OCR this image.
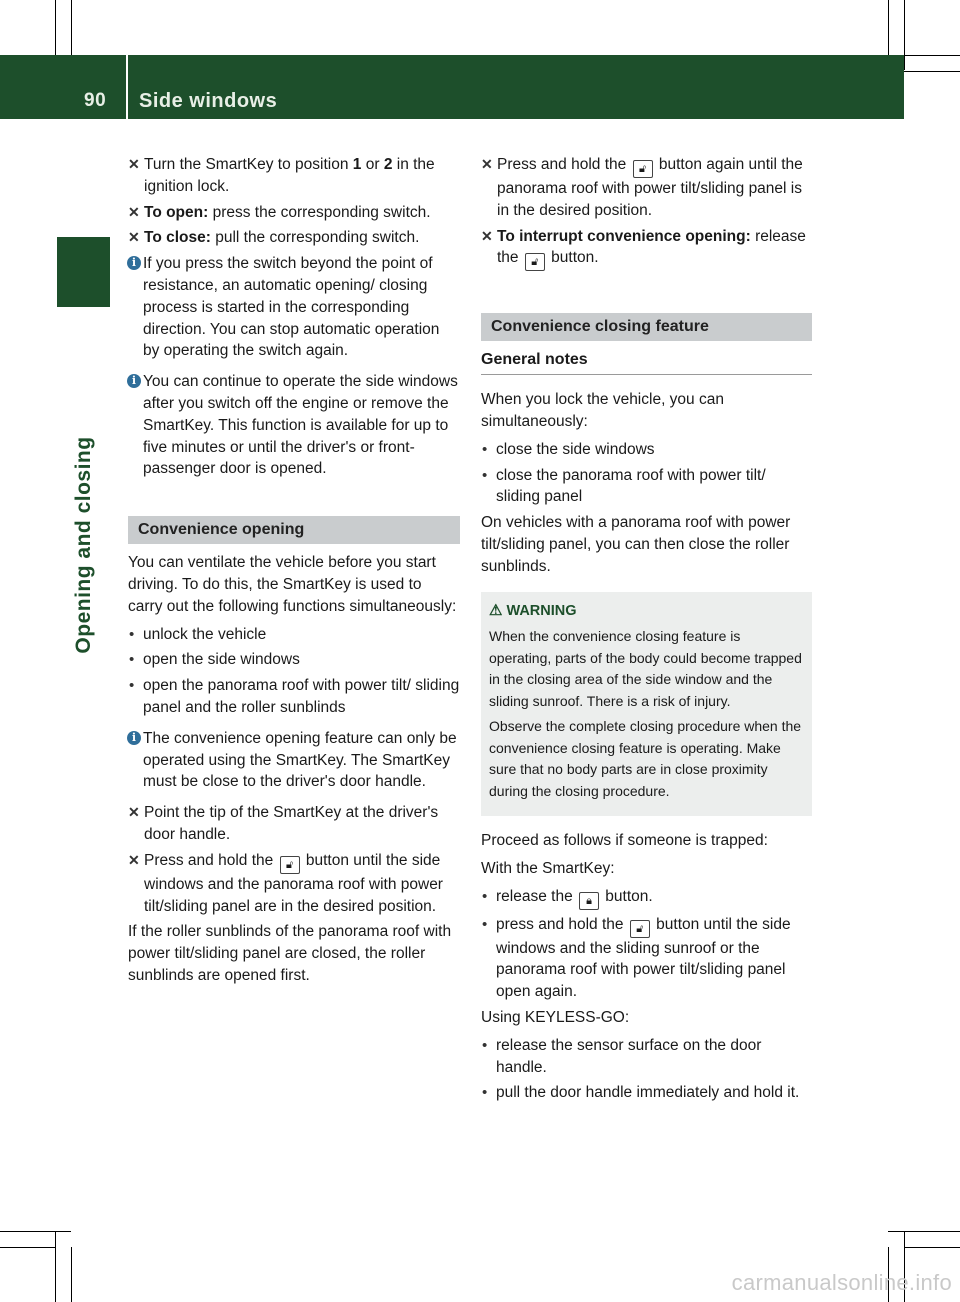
90 Side windows
Opening and closing
✕ Turn the SmartKey to position 1 or 2 in the ignition lock.
✕ To open: press the corresponding switch.
✕ To close: pull the corresponding switch.
i If you press the switch beyond the point of resistance, an automatic opening/ closing process is started in the corresponding direction. You can stop automatic operation by operating the switch again.
i You can continue to operate the side windows after you switch off the engine or remove the SmartKey. This function is available for up to five minutes or until the driver's or front-passenger door is opened.
Convenience opening

You can ventilate the vehicle before you start driving. To do this, the SmartKey is used to carry out the following functions simultaneously:

• unlock the vehicle
• open the side windows
• open the panorama roof with power tilt/ sliding panel and the roller sunblinds
i The convenience opening feature can only be operated using the SmartKey. The SmartKey must be close to the driver's door handle.
✕ Point the tip of the SmartKey at the driver's door handle.
✕ Press and hold the 🔓︎ button until the side windows and the panorama roof with power tilt/sliding panel are in the desired position.

If the roller sunblinds of the panorama roof with power tilt/sliding panel are closed, the roller sunblinds are opened first.

✕ Press and hold the 🔓︎ button again until the panorama roof with power tilt/sliding panel is in the desired position.
✕ To interrupt convenience opening: release the 🔓︎ button.
Convenience closing feature
General notes

When you lock the vehicle, you can simultaneously:

• close the side windows
• close the panorama roof with power tilt/ sliding panel

On vehicles with a panorama roof with power tilt/sliding panel, you can then close the roller sunblinds.

⚠ WARNING

When the convenience closing feature is operating, parts of the body could become trapped in the closing area of the side window and the sliding sunroof. There is a risk of injury.

Observe the complete closing procedure when the convenience closing feature is operating. Make sure that no body parts are in close proximity during the closing procedure.

Proceed as follows if someone is trapped:

With the SmartKey:

• release the 🔒︎ button.
• press and hold the 🔓︎ button until the side windows and the sliding sunroof or the panorama roof with power tilt/sliding panel open again.

Using KEYLESS-GO:

• release the sensor surface on the door handle.
• pull the door handle immediately and hold it.
carmanualsonline.info
